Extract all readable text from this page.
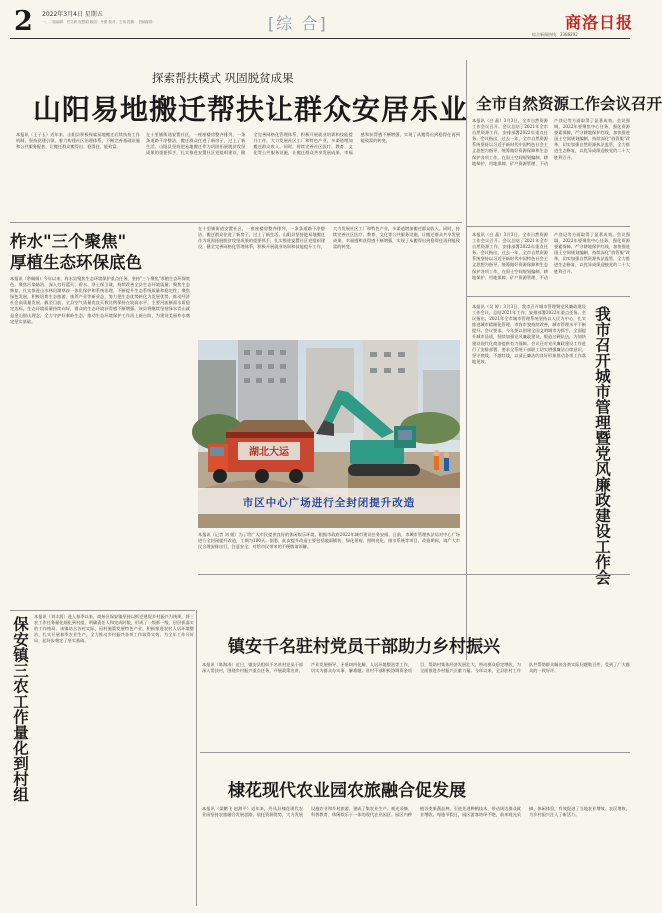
2 2022年3月4日 星期五
一、二版编辑：吕文莉 祝慧娟 版面：丹蕾 校对：王伟 投稿： 投稿邮箱：	[综 合]	商洛日报
综合新闻热线：2386292
探索帮扶模式 巩固脱贫成果
山阳易地搬迁帮扶让群众安居乐业
本报讯（王子玉）近年来，山阳县积极探索易地搬迁后续扶持工作机制，坚持党建引领，着力构建社区治理体系，不断完善基础设施和公共服务配套，让搬迁群众搬得出、稳得住、能致富。
在十里铺街道安置社区，一座座楼房整齐排列，一条条道路干净整洁，搬迁群众住进了新房子，过上了新生活。山阳县坚持把易地搬迁作为巩固拓展脱贫攻坚成果的重要抓手，扎实推进安置社区党组织建设，健全完善网格化管理体系，积极开展就业培训和技能提升工作，大力发展社区工厂和特色产业，多渠道增加搬迁群众收入。同时，持续完善社区医疗、教育、文化等公共服务设施，让搬迁群众共享发展成果，幸福感和获得感不断增强，实现了从搬得出到稳得住再到能致富的转变。
全市自然资源工作会议召开
本报讯（白 晶）3月3日，全市自然资源工作会议召开。会议总结了2021年全市自然资源工作，安排部署2022年重点任务。会议指出，过去一年，全市自然资源系统坚持以习近平新时代中国特色社会主义思想为指导，统筹做好资源保障和生态保护各项工作，在国土空间规划编制、耕地保护、用地保障、矿产资源管理、不动产登记等方面取得了显著成效。会议强调，2022年要聚焦中心任务，强化资源要素保障，严守耕地保护红线，加快推进国土空间规划编制，持续深化"放管服"改革，切实加强自然资源执法监管，全力推进生态修复，以优异成绩迎接党的二十大胜利召开。
柞水"三个聚焦"
厚植生态环保底色
本报讯（余佩娟）今年以来，柞水县聚焦生态环境保护重点任务，坚持"三个聚焦"厚植生态环保底色。聚焦污染防治，深入打好蓝天、碧水、净土保卫战，持续改善全县生态环境质量；聚焦生态修复，扎实推进山水林田湖草沙一体化保护和系统治理，不断提升生态系统质量和稳定性；聚焦绿色发展，积极培育生态旅游、康养产业等新业态，努力把生态优势转化为发展优势，推动经济社会高质量发展。截至目前，全县空气质量优良天数比例保持在较高水平，主要河流断面水质稳定达标，生态环境质量持续向好，群众的生态环境获得感不断增强。该县将继续坚持绿水青山就是金山银山理念，全力守护好秦岭生态，推动生态环境保护工作再上新台阶，为建设美丽柞水奠定坚实基础。
在十里铺街道安置社区，一座座楼房整齐排列，一条条道路干净整洁，搬迁群众住进了新房子，过上了新生活。山阳县坚持把易地搬迁作为巩固拓展脱贫攻坚成果的重要抓手，扎实推进安置社区党组织建设，健全完善网格化管理体系，积极开展就业培训和技能提升工作，大力发展社区工厂和特色产业，多渠道增加搬迁群众收入。同时，持续完善社区医疗、教育、文化等公共服务设施，让搬迁群众共享发展成果，幸福感和获得感不断增强，实现了从搬得出到稳得住再到能致富的转变。
湖北大运
市区中心广场进行全封闭提升改造
本报讯（记者 刘 媛）为了给广大市民提供良好的休闲娱乐环境，根据市政府2022年城市建设任务安排，日前，市城市管理执法局对中心广场进行全封闭提升改造，工期为180天。据悉，此次提升改造主要包括地面铺装、绿化景观、照明亮化、排水系统等项目。改造期间，请广大市民合理安排出行，注意安全，对给市民带来的不便敬请谅解。
本报讯（白 晶）3月3日，全市自然资源工作会议召开。会议总结了2021年全市自然资源工作，安排部署2022年重点任务。会议指出，过去一年，全市自然资源系统坚持以习近平新时代中国特色社会主义思想为指导，统筹做好资源保障和生态保护各项工作，在国土空间规划编制、耕地保护、用地保障、矿产资源管理、不动产登记等方面取得了显著成效。会议强调，2022年要聚焦中心任务，强化资源要素保障，严守耕地保护红线，加快推进国土空间规划编制，持续深化"放管服"改革，切实加强自然资源执法监管，全力推进生态修复，以优异成绩迎接党的二十大胜利召开。
我市召开城市管理暨党风廉政建设工作会
本报讯（吴 婷）3月3日，我市召开城市管理暨党风廉政建设工作会议，总结2021年工作，安排部署2022年重点任务。会议指出，2021年全市城市管理系统坚持以人民为中心，扎实推进城市精细化管理，市容市貌持续改善，城市管理水平不断提升。会议要求，今年要以创建全国文明城市为抓手，全面提升城市品质，持续加强党风廉政建设，锻造过硬队伍，为加快建设现代化商洛提供有力保障。会议还对党风廉政建设工作进行了安排部署，要求全系统干部职工切实增强廉洁自律意识，坚守底线、不越红线，以清正廉洁的良好形象推动各项工作落地见效。
保安镇三农工作量化到村组 本报讯（刘丰润）进入春季以来，商州区保安镇坚持以抓党建促乡村振兴为统领，将三农工作任务量化细化到村组，明确责任人和完成时限，形成了一级抓一级、层层抓落实的工作格局。该镇结合各村实际，因村施策发展特色产业，积极推进农村人居环境整治，扎实开展春季农业生产，全力推动乡村振兴各项工作取得实效，为全年工作开好局、起好步奠定了坚实基础。	镇安千名驻村党员干部助力乡村振兴
本报讯（陈海涛）近日，镇安县组织千名驻村党员干部深入帮扶村，围绕乡村振兴重点任务，开展政策宣讲、产业发展指导、矛盾纠纷化解、人居环境整治等工作，切实为群众办实事、解难题。驻村干部积极协调资金项目，帮助村集体经济发展壮大，带动群众稳定增收，为全面推进乡村振兴贡献力量。今年以来，全县驻村工作队共帮助群众解决各类实际问题数百件，受到了广大群众的一致好评。
棣花现代农业园农旅融合促发展
本报讯（梁鹏飞 赵海平）近年来，丹凤县棣花现代农业园坚持农旅融合发展思路，依托资源优势，大力发展设施农业和乡村旅游，建成了集农业生产、观光采摘、科普教育、休闲娱乐于一体的现代农业园区。园区内种植各类果蔬品种，引进先进种植技术，带动周边群众就业增收。每逢节假日，园区游客络绎不绝，前来观光采摘、休闲体验，有效促进了当地农业增效、农民增收，为乡村振兴注入了新活力。
